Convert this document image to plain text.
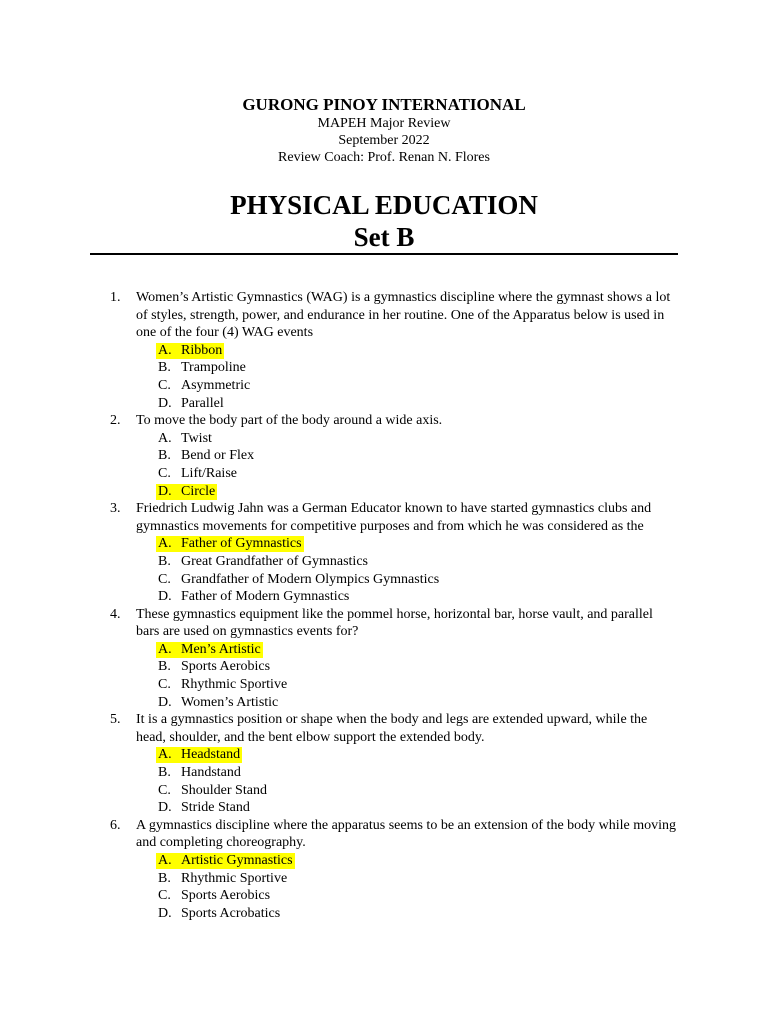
GURONG PINOY INTERNATIONAL

MAPEH Major Review

September 2022

Review Coach: Prof. Renan N. Flores

PHYSICAL EDUCATION
Set B
1.	Women’s Artistic Gymnastics (WAG) is a gymnastics discipline where the gymnast shows a lot of styles, strength, power, and endurance in her routine. One of the Apparatus below is used in one of the four (4) WAG events
A. Ribbon
B. Trampoline
C. Asymmetric
D. Parallel
2.	To move the body part of the body around a wide axis.
A. Twist
B. Bend or Flex
C. Lift/Raise
D. Circle
3.	Friedrich Ludwig Jahn was a German Educator known to have started gymnastics clubs and gymnastics movements for competitive purposes and from which he was considered as the
A. Father of Gymnastics
B. Great Grandfather of Gymnastics
C. Grandfather of Modern Olympics Gymnastics
D. Father of Modern Gymnastics
4.	These gymnastics equipment like the pommel horse, horizontal bar, horse vault, and parallel bars are used on gymnastics events for?
A. Men’s Artistic
B. Sports Aerobics
C. Rhythmic Sportive
D. Women’s Artistic
5.	It is a gymnastics position or shape when the body and legs are extended upward, while the head, shoulder, and the bent elbow support the extended body.
A. Headstand
B. Handstand
C. Shoulder Stand
D. Stride Stand
6.	A gymnastics discipline where the apparatus seems to be an extension of the body while moving and completing choreography.
A. Artistic Gymnastics
B. Rhythmic Sportive
C. Sports Aerobics
D. Sports Acrobatics
